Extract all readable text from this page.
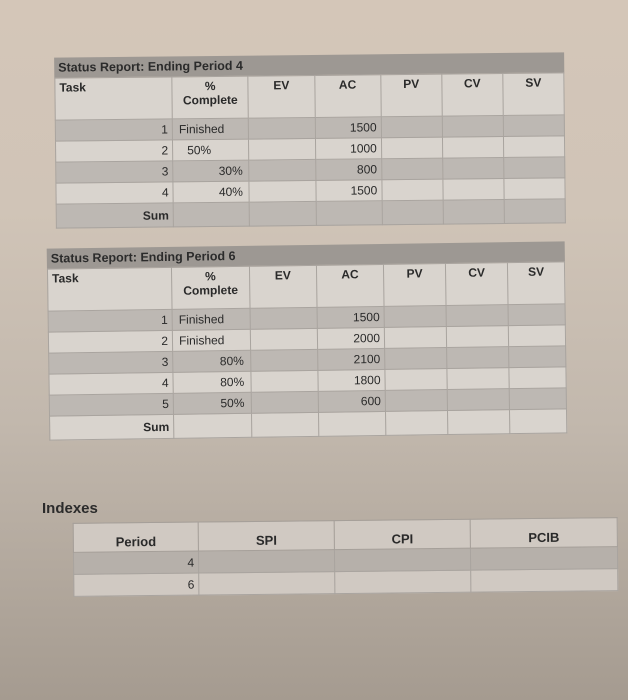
Status Report: Ending Period 4
Task	% Complete	EV	AC	PV	CV	SV
1	Finished		1500			
2	50%		1000			
3	30%		800			
4	40%		1500			
Sum						
Status Report: Ending Period 6
Task	% Complete	EV	AC	PV	CV	SV
1	Finished		1500			
2	Finished		2000			
3	80%		2100			
4	80%		1800			
5	50%		600			
Sum						
Indexes
Period	SPI	CPI	PCIB
4			
6			
